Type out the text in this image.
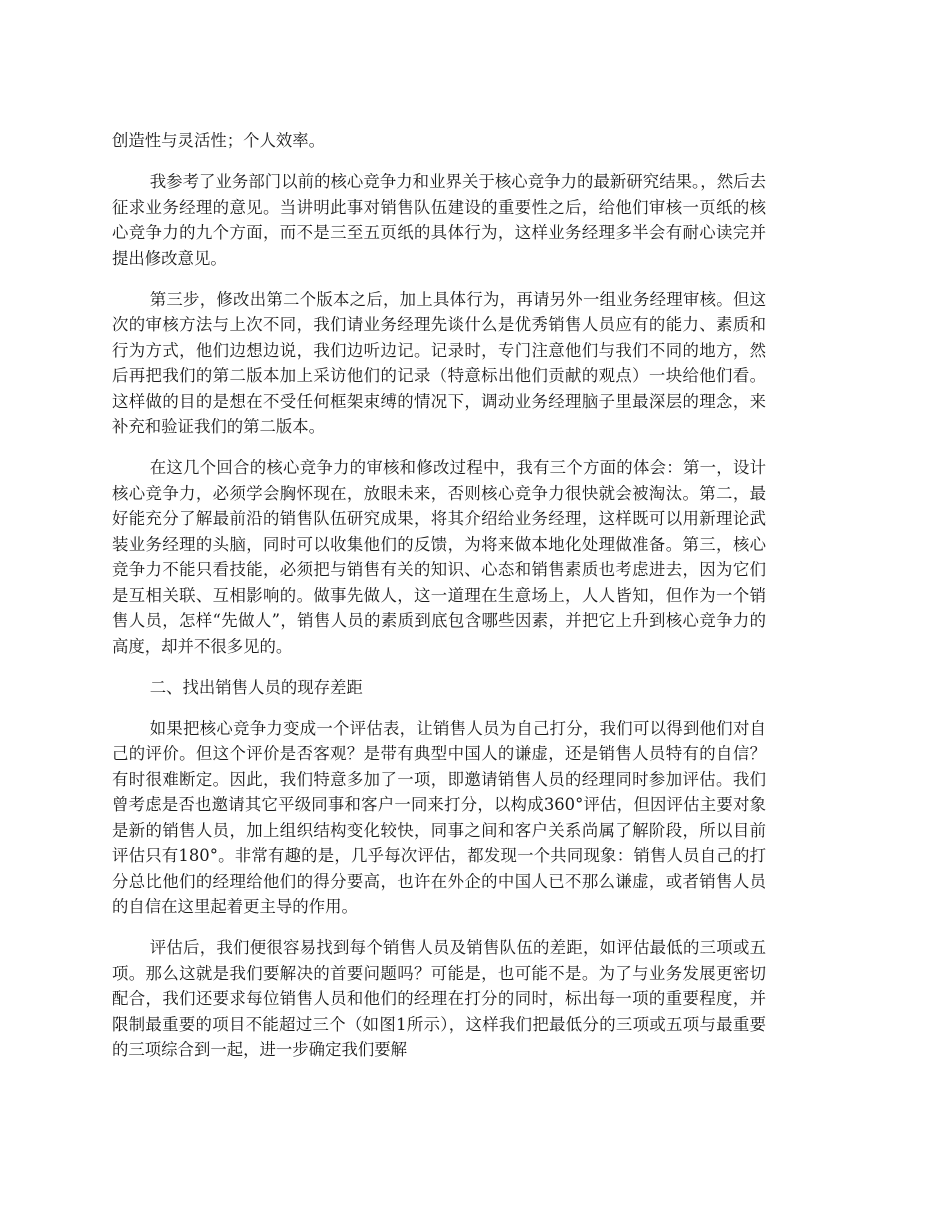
创造性与灵活性；个人效率。

我参考了业务部门以前的核心竞争力和业界关于核心竞争力的最新研究结果。，然后去征求业务经理的意见。当讲明此事对销售队伍建设的重要性之后，给他们审核一页纸的核心竞争力的九个方面，而不是三至五页纸的具体行为，这样业务经理多半会有耐心读完并提出修改意见。

第三步，修改出第二个版本之后，加上具体行为，再请另外一组业务经理审核。但这次的审核方法与上次不同，我们请业务经理先谈什么是优秀销售人员应有的能力、素质和行为方式，他们边想边说，我们边听边记。记录时，专门注意他们与我们不同的地方，然后再把我们的第二版本加上采访他们的记录（特意标出他们贡献的观点）一块给他们看。这样做的目的是想在不受任何框架束缚的情况下，调动业务经理脑子里最深层的理念，来补充和验证我们的第二版本。

在这几个回合的核心竞争力的审核和修改过程中，我有三个方面的体会：第一，设计核心竞争力，必须学会胸怀现在，放眼未来，否则核心竞争力很快就会被淘汰。第二，最好能充分了解最前沿的销售队伍研究成果，将其介绍给业务经理，这样既可以用新理论武装业务经理的头脑，同时可以收集他们的反馈，为将来做本地化处理做准备。第三，核心竞争力不能只看技能，必须把与销售有关的知识、心态和销售素质也考虑进去，因为它们是互相关联、互相影响的。做事先做人，这一道理在生意场上，人人皆知，但作为一个销售人员，怎样“先做人”，销售人员的素质到底包含哪些因素，并把它上升到核心竞争力的高度，却并不很多见的。

二、找出销售人员的现存差距

如果把核心竞争力变成一个评估表，让销售人员为自己打分，我们可以得到他们对自己的评价。但这个评价是否客观？是带有典型中国人的谦虚，还是销售人员特有的自信？有时很难断定。因此，我们特意多加了一项，即邀请销售人员的经理同时参加评估。我们曾考虑是否也邀请其它平级同事和客户一同来打分，以构成360°评估，但因评估主要对象是新的销售人员，加上组织结构变化较快，同事之间和客户关系尚属了解阶段，所以目前评估只有180°。非常有趣的是，几乎每次评估，都发现一个共同现象：销售人员自己的打分总比他们的经理给他们的得分要高，也许在外企的中国人已不那么谦虚，或者销售人员的自信在这里起着更主导的作用。

评估后，我们便很容易找到每个销售人员及销售队伍的差距，如评估最低的三项或五项。那么这就是我们要解决的首要问题吗？可能是，也可能不是。为了与业务发展更密切配合，我们还要求每位销售人员和他们的经理在打分的同时，标出每一项的重要程度，并限制最重要的项目不能超过三个（如图1所示），这样我们把最低分的三项或五项与最重要的三项综合到一起，进一步确定我们要解
